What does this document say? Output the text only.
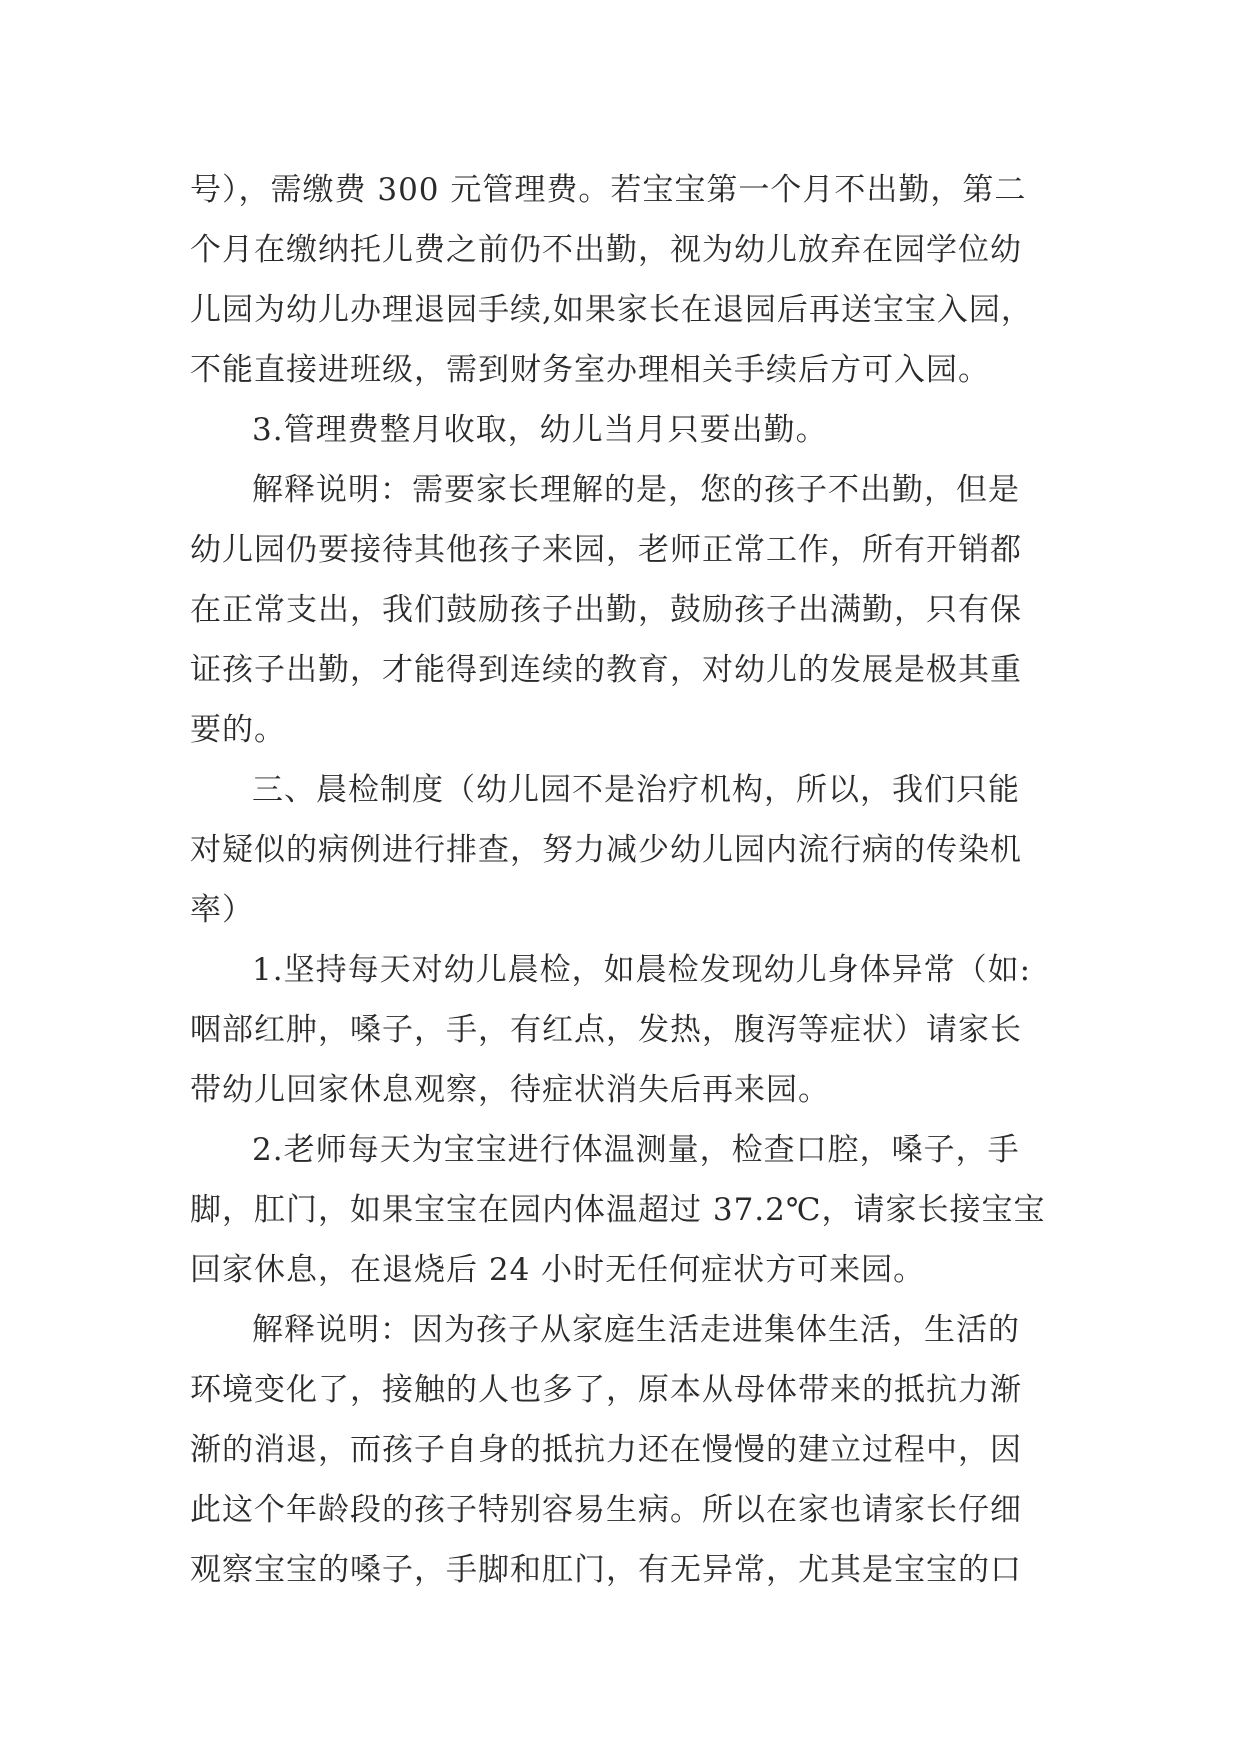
号），需缴费 300 元管理费。若宝宝第一个月不出勤，第二
个月在缴纳托儿费之前仍不出勤，视为幼儿放弃在园学位幼
儿园为幼儿办理退园手续,如果家长在退园后再送宝宝入园，
不能直接进班级，需到财务室办理相关手续后方可入园。
3.管理费整月收取，幼儿当月只要出勤。
解释说明：需要家长理解的是，您的孩子不出勤，但是
幼儿园仍要接待其他孩子来园，老师正常工作，所有开销都
在正常支出，我们鼓励孩子出勤，鼓励孩子出满勤，只有保
证孩子出勤，才能得到连续的教育，对幼儿的发展是极其重
要的。
三、晨检制度（幼儿园不是治疗机构，所以，我们只能
对疑似的病例进行排查，努力减少幼儿园内流行病的传染机
率）
1.坚持每天对幼儿晨检，如晨检发现幼儿身体异常（如:
咽部红肿，嗓子，手，有红点，发热，腹泻等症状）请家长
带幼儿回家休息观察，待症状消失后再来园。
2.老师每天为宝宝进行体温测量，检查口腔，嗓子，手
脚，肛门，如果宝宝在园内体温超过 37.2℃，请家长接宝宝
回家休息，在退烧后 24 小时无任何症状方可来园。
解释说明：因为孩子从家庭生活走进集体生活，生活的
环境变化了，接触的人也多了，原本从母体带来的抵抗力渐
渐的消退，而孩子自身的抵抗力还在慢慢的建立过程中，因
此这个年龄段的孩子特别容易生病。所以在家也请家长仔细
观察宝宝的嗓子，手脚和肛门，有无异常，尤其是宝宝的口
